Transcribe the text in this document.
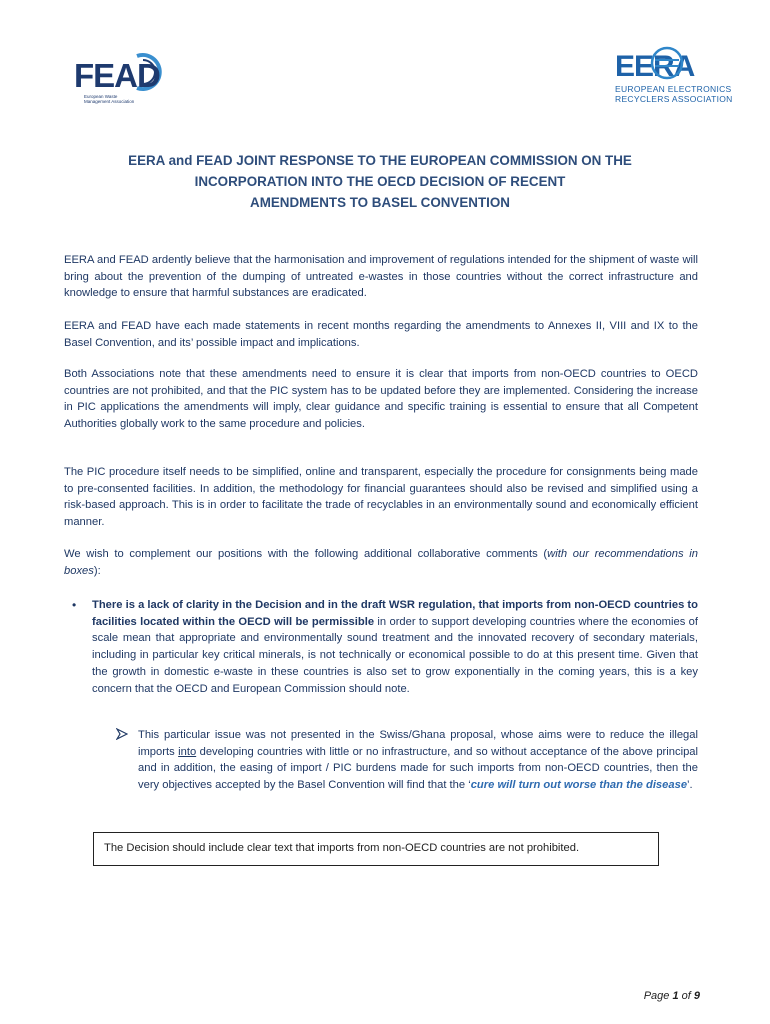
FEAD
European Waste Management Association
EERA
EUROPEAN ELECTRONICS
RECYCLERS ASSOCIATION
EERA and FEAD JOINT RESPONSE TO THE EUROPEAN COMMISSION ON THE
INCORPORATION INTO THE OECD DECISION OF RECENT
AMENDMENTS TO BASEL CONVENTION

EERA and FEAD ardently believe that the harmonisation and improvement of regulations intended for the shipment of waste will bring about the prevention of the dumping of untreated e-wastes in those countries without the correct infrastructure and knowledge to ensure that harmful substances are eradicated.

EERA and FEAD have each made statements in recent months regarding the amendments to Annexes II, VIII and IX to the Basel Convention, and its’ possible impact and implications.

Both Associations note that these amendments need to ensure it is clear that imports from non-OECD countries to OECD countries are not prohibited, and that the PIC system has to be updated before they are implemented. Considering the increase in PIC applications the amendments will imply, clear guidance and specific training is essential to ensure that all Competent Authorities globally work to the same procedure and policies.

The PIC procedure itself needs to be simplified, online and transparent, especially the procedure for consignments being made to pre-consented facilities. In addition, the methodology for financial guarantees should also be revised and simplified using a risk-based approach. This is in order to facilitate the trade of recyclables in an environmentally sound and economically efficient manner.

We wish to complement our positions with the following additional collaborative comments (with our recommendations in boxes):

• There is a lack of clarity in the Decision and in the draft WSR regulation, that imports from non-OECD countries to facilities located within the OECD will be permissible in order to support developing countries where the economies of scale mean that appropriate and environmentally sound treatment and the innovated recovery of secondary materials, including in particular key critical minerals, is not technically or economical possible to do at this present time. Given that the growth in domestic e-waste in these countries is also set to grow exponentially in the coming years, this is a key concern that the OECD and European Commission should note.

This particular issue was not presented in the Swiss/Ghana proposal, whose aims were to reduce the illegal imports into developing countries with little or no infrastructure, and so without acceptance of the above principal and in addition, the easing of import / PIC burdens made for such imports from non-OECD countries, then the very objectives accepted by the Basel Convention will find that the ‘cure will turn out worse than the disease’.

The Decision should include clear text that imports from non-OECD countries are not prohibited.
Page 1 of 9
